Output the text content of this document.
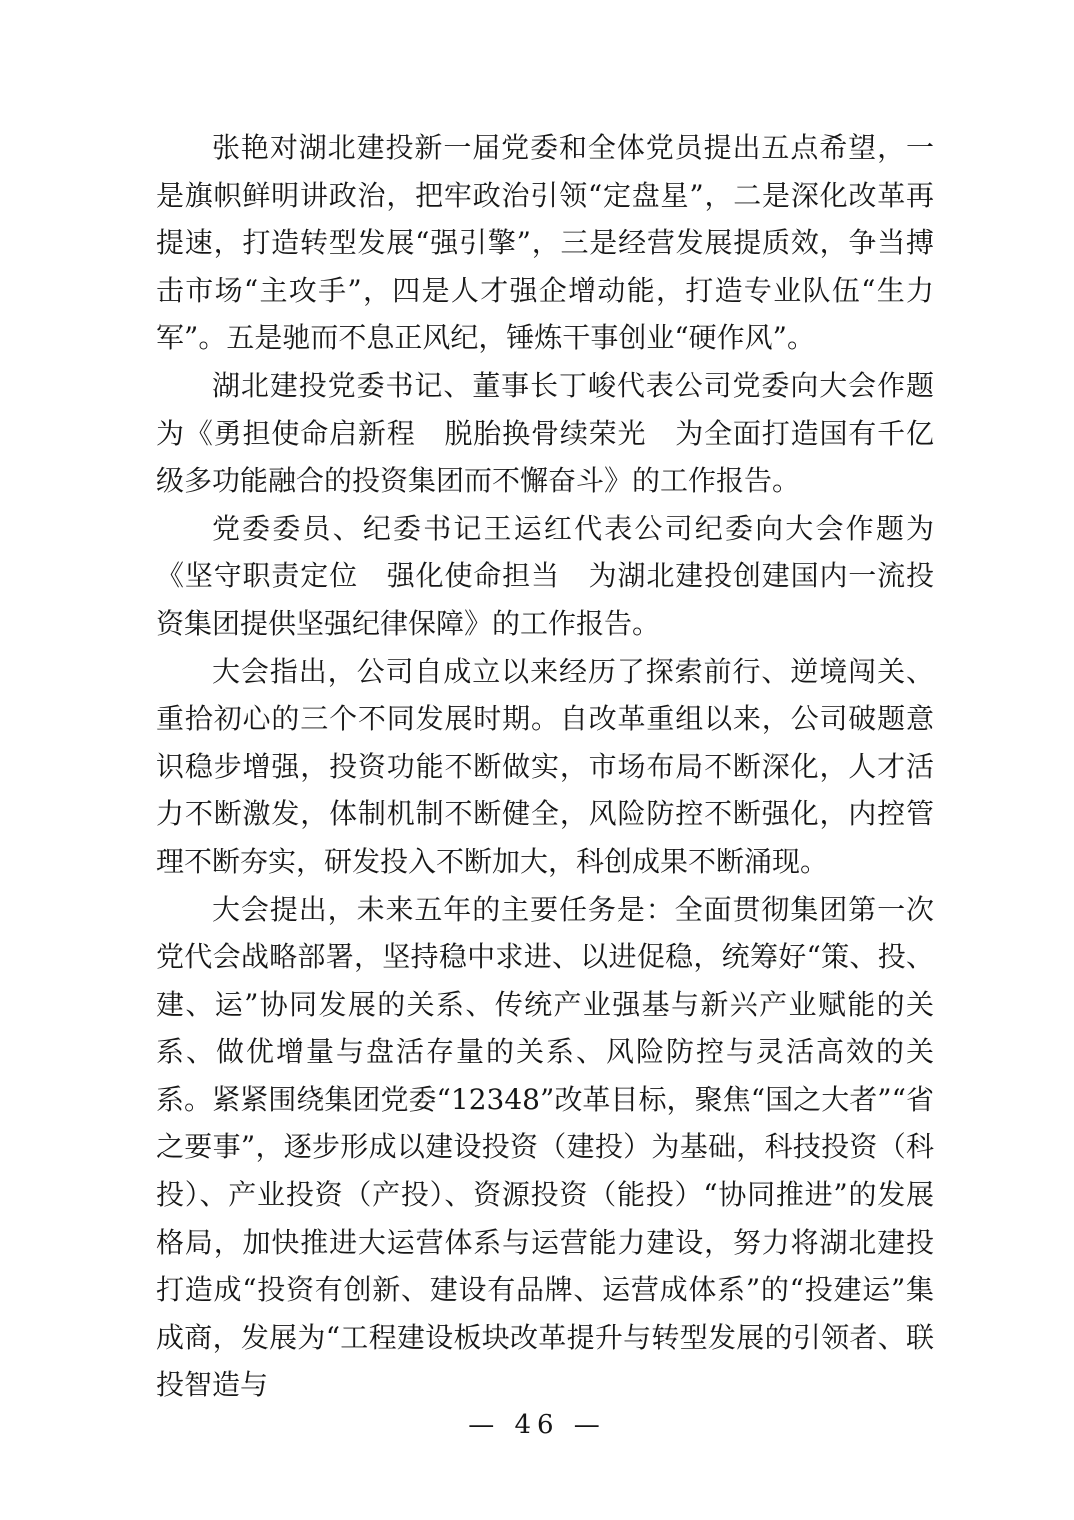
张艳对湖北建投新一届党委和全体党员提出五点希望，一是旗帜鲜明讲政治，把牢政治引领“定盘星”，二是深化改革再提速，打造转型发展“强引擎”，三是经营发展提质效，争当搏击市场“主攻手”，四是人才强企增动能，打造专业队伍“生力军”。五是驰而不息正风纪，锤炼干事创业“硬作风”。

湖北建投党委书记、董事长丁峻代表公司党委向大会作题为《勇担使命启新程　脱胎换骨续荣光　为全面打造国有千亿级多功能融合的投资集团而不懈奋斗》的工作报告。

党委委员、纪委书记王运红代表公司纪委向大会作题为《坚守职责定位　强化使命担当　为湖北建投创建国内一流投资集团提供坚强纪律保障》的工作报告。

大会指出，公司自成立以来经历了探索前行、逆境闯关、重拾初心的三个不同发展时期。自改革重组以来，公司破题意识稳步增强，投资功能不断做实，市场布局不断深化，人才活力不断激发，体制机制不断健全，风险防控不断强化，内控管理不断夯实，研发投入不断加大，科创成果不断涌现。

大会提出，未来五年的主要任务是：全面贯彻集团第一次党代会战略部署，坚持稳中求进、以进促稳，统筹好“策、投、建、运”协同发展的关系、传统产业强基与新兴产业赋能的关系、做优增量与盘活存量的关系、风险防控与灵活高效的关系。紧紧围绕集团党委“12348”改革目标，聚焦“国之大者”“省之要事”，逐步形成以建设投资（建投）为基础，科技投资（科投）、产业投资（产投）、资源投资（能投）“协同推进”的发展格局，加快推进大运营体系与运营能力建设，努力将湖北建投打造成“投资有创新、建设有品牌、运营成体系”的“投建运”集成商，发展为“工程建设板块改革提升与转型发展的引领者、联投智造与

— 46 —
